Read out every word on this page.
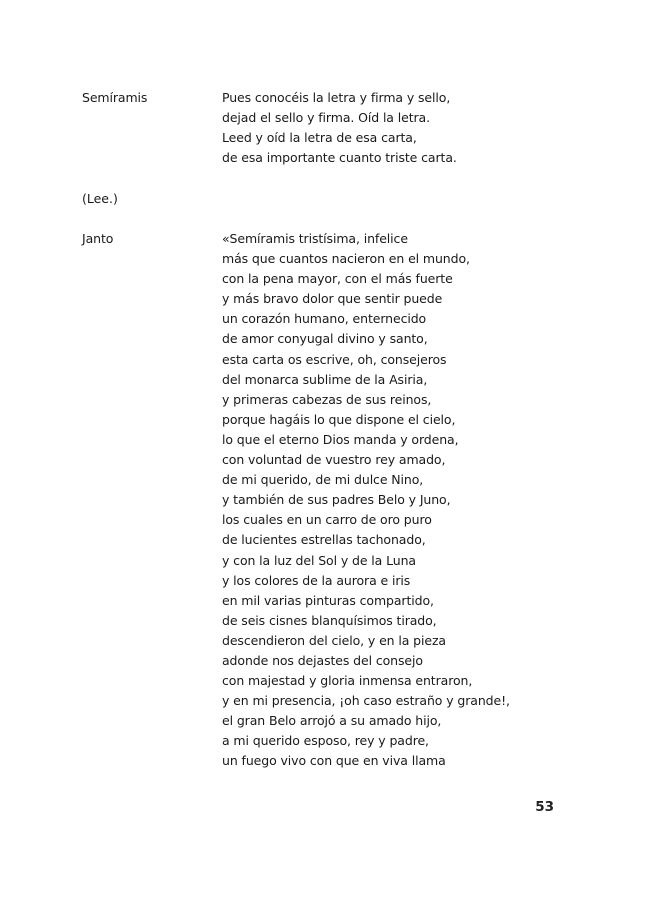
Semíramis	Pues conocéis la letra y firma y sello,
dejad el sello y firma. Oíd la letra.
Leed y oíd la letra de esa carta,
de esa importante cuanto triste carta.
(Lee.)
Janto	«Semíramis tristísima, infelice
más que cuantos nacieron en el mundo,
con la pena mayor, con el más fuerte
y más bravo dolor que sentir puede
un corazón humano, enternecido
de amor conyugal divino y santo,
esta carta os escrive, oh, consejeros
del monarca sublime de la Asiria,
y primeras cabezas de sus reinos,
porque hagáis lo que dispone el cielo,
lo que el eterno Dios manda y ordena,
con voluntad de vuestro rey amado,
de mi querido, de mi dulce Nino,
y también de sus padres Belo y Juno,
los cuales en un carro de oro puro
de lucientes estrellas tachonado,
y con la luz del Sol y de la Luna
y los colores de la aurora e iris
en mil varias pinturas compartido,
de seis cisnes blanquísimos tirado,
descendieron del cielo, y en la pieza
adonde nos dejastes del consejo
con majestad y gloria inmensa entraron,
y en mi presencia, ¡oh caso estraño y grande!,
el gran Belo arrojó a su amado hijo,
a mi querido esposo, rey y padre,
un fuego vivo con que en viva llama
53
